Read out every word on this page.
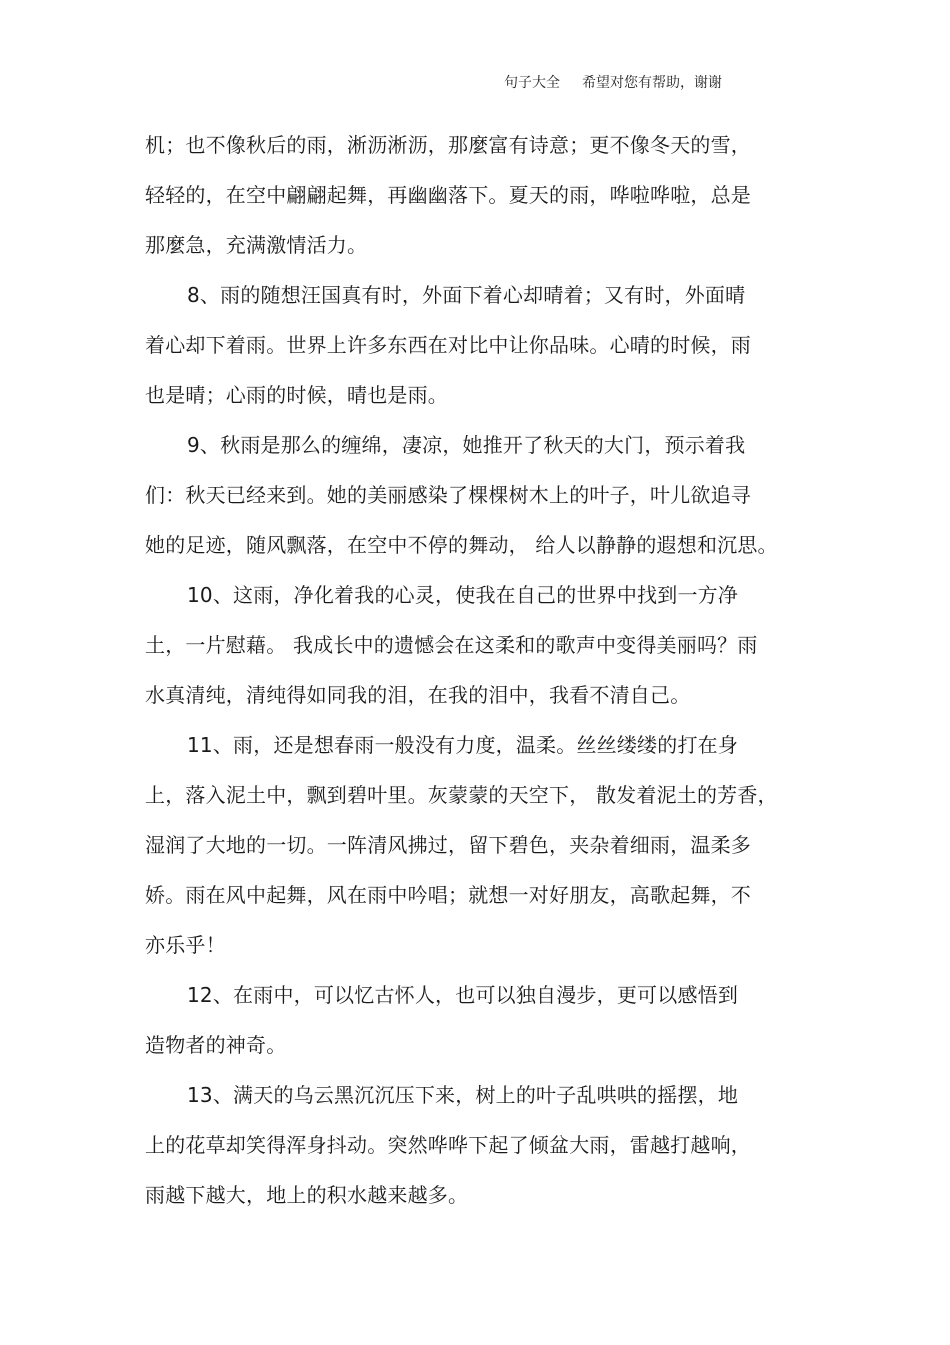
句子大全 希望对您有帮助，谢谢
机；也不像秋后的雨，淅沥淅沥，那麼富有诗意；更不像冬天的雪，
轻轻的，在空中翩翩起舞，再幽幽落下。夏天的雨，哗啦哗啦，总是
那麼急，充满激情活力。
8、雨的随想汪国真有时，外面下着心却晴着；又有时，外面晴
着心却下着雨。世界上许多东西在对比中让你品味。心晴的时候，雨
也是晴；心雨的时候，晴也是雨。
9、秋雨是那么的缠绵，凄凉，她推开了秋天的大门，预示着我
们：秋天已经来到。她的美丽感染了棵棵树木上的叶子，叶儿欲追寻
她的足迹，随风飘落，在空中不停的舞动， 给人以静静的遐想和沉思。
10、这雨，净化着我的心灵，使我在自己的世界中找到一方净
土，一片慰藉。 我成长中的遗憾会在这柔和的歌声中变得美丽吗？雨
水真清纯，清纯得如同我的泪，在我的泪中，我看不清自己。
11、雨，还是想春雨一般没有力度，温柔。丝丝缕缕的打在身
上，落入泥土中，飘到碧叶里。灰蒙蒙的天空下， 散发着泥土的芳香，
湿润了大地的一切。一阵清风拂过，留下碧色，夹杂着细雨，温柔多
娇。雨在风中起舞，风在雨中吟唱；就想一对好朋友，高歌起舞，不
亦乐乎！
12、在雨中，可以忆古怀人，也可以独自漫步，更可以感悟到
造物者的神奇。
13、满天的乌云黑沉沉压下来，树上的叶子乱哄哄的摇摆，地
上的花草却笑得浑身抖动。突然哗哗下起了倾盆大雨，雷越打越响，
雨越下越大，地上的积水越来越多。
